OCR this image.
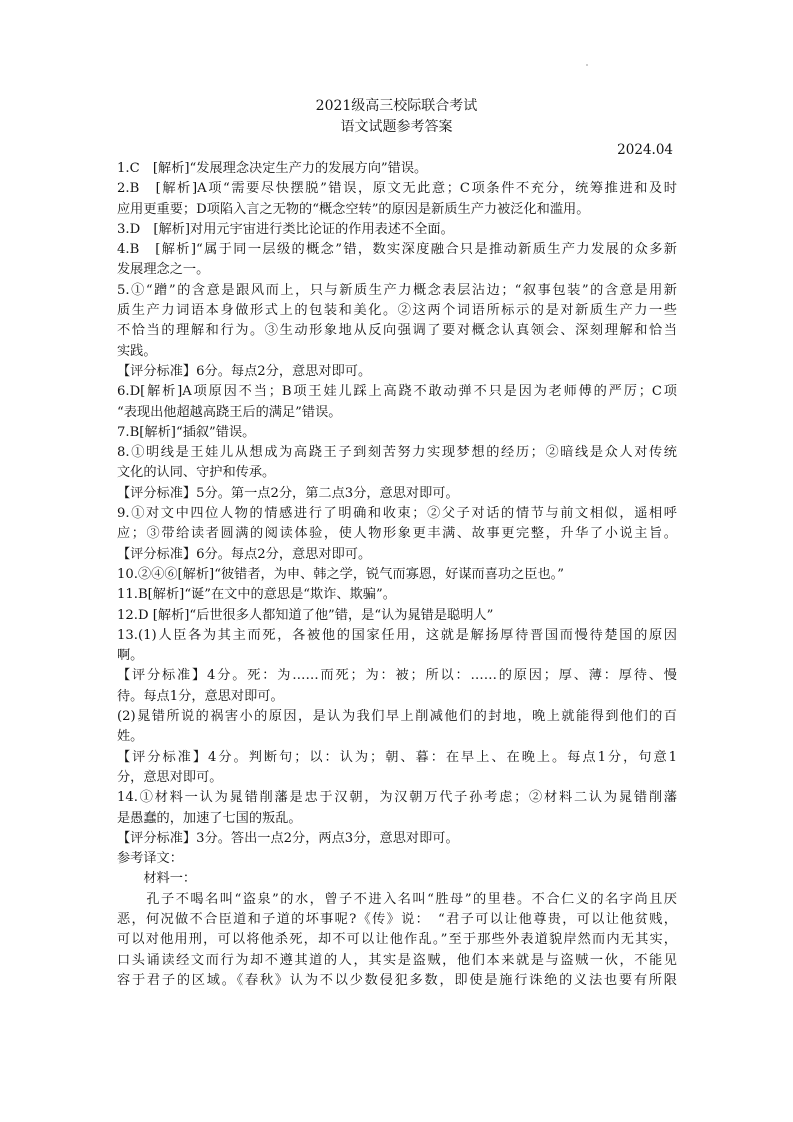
2021级高三校际联合考试
语文试题参考答案
2024.04
1.C　[解析]“发展理念决定生产力的发展方向”错误。
2.B　[解析]A项“需要尽快摆脱”错误，原文无此意；C项条件不充分，统筹推进和及时
应用更重要；D项陷入言之无物的“概念空转”的原因是新质生产力被泛化和滥用。
3.D　[解析]对用元宇宙进行类比论证的作用表述不全面。
4.B　[解析]“属于同一层级的概念”错，数实深度融合只是推动新质生产力发展的众多新
发展理念之一。
5.①“蹭”的含意是跟风而上，只与新质生产力概念表层沾边；“叙事包装”的含意是用新
质生产力词语本身做形式上的包装和美化。②这两个词语所标示的是对新质生产力一些
不恰当的理解和行为。③生动形象地从反向强调了要对概念认真领会、深刻理解和恰当
实践。
【评分标准】6分。每点2分，意思对即可。
6.D[解析]A项原因不当；B项王娃儿踩上高跷不敢动弹不只是因为老师傅的严厉；C项
“表现出他超越高跷王后的满足”错误。
7.B[解析]“插叙”错误。
8.①明线是王娃儿从想成为高跷王子到刻苦努力实现梦想的经历；②暗线是众人对传统
文化的认同、守护和传承。
【评分标准】5分。第一点2分，第二点3分，意思对即可。
9.①对文中四位人物的情感进行了明确和收束；②父子对话的情节与前文相似，遥相呼
应；③带给读者圆满的阅读体验，使人物形象更丰满、故事更完整，升华了小说主旨。
【评分标准】6分。每点2分，意思对即可。
10.②④⑥[解析]“彼错者，为申、韩之学，锐气而寡恩，好谋而喜功之臣也。”
11.B[解析]“诞”在文中的意思是“欺诈、欺骗”。
12.D [解析]“后世很多人都知道了他”错，是“认为晁错是聪明人”
13.(1)人臣各为其主而死，各被他的国家任用，这就是解扬厚待晋国而慢待楚国的原因
啊。
【评分标准】4分。死：为……而死；为：被；所以：……的原因；厚、薄：厚待、慢
待。每点1分，意思对即可。
(2)晁错所说的祸害小的原因，是认为我们早上削减他们的封地，晚上就能得到他们的百
姓。
【评分标准】4分。判断句；以：认为；朝、暮：在早上、在晚上。每点1分，句意1
分，意思对即可。
14.①材料一认为晁错削藩是忠于汉朝，为汉朝万代子孙考虑；②材料二认为晁错削藩
是愚蠢的，加速了七国的叛乱。
【评分标准】3分。答出一点2分，两点3分，意思对即可。
参考译文：
　　材料一：
　　孔子不喝名叫“盗泉”的水，曾子不进入名叫“胜母”的里巷。不合仁义的名字尚且厌
恶，何况做不合臣道和子道的坏事呢?《传》说：　“君子可以让他尊贵，可以让他贫贱，
可以对他用刑，可以将他杀死，却不可以让他作乱。”至于那些外表道貌岸然而内无其实，
口头诵读经文而行为却不遵其道的人，其实是盗贼，他们本来就是与盗贼一伙，不能见
容于君子的区域。《春秋》认为不以少数侵犯多数，即使是施行诛绝的义法也要有所限
